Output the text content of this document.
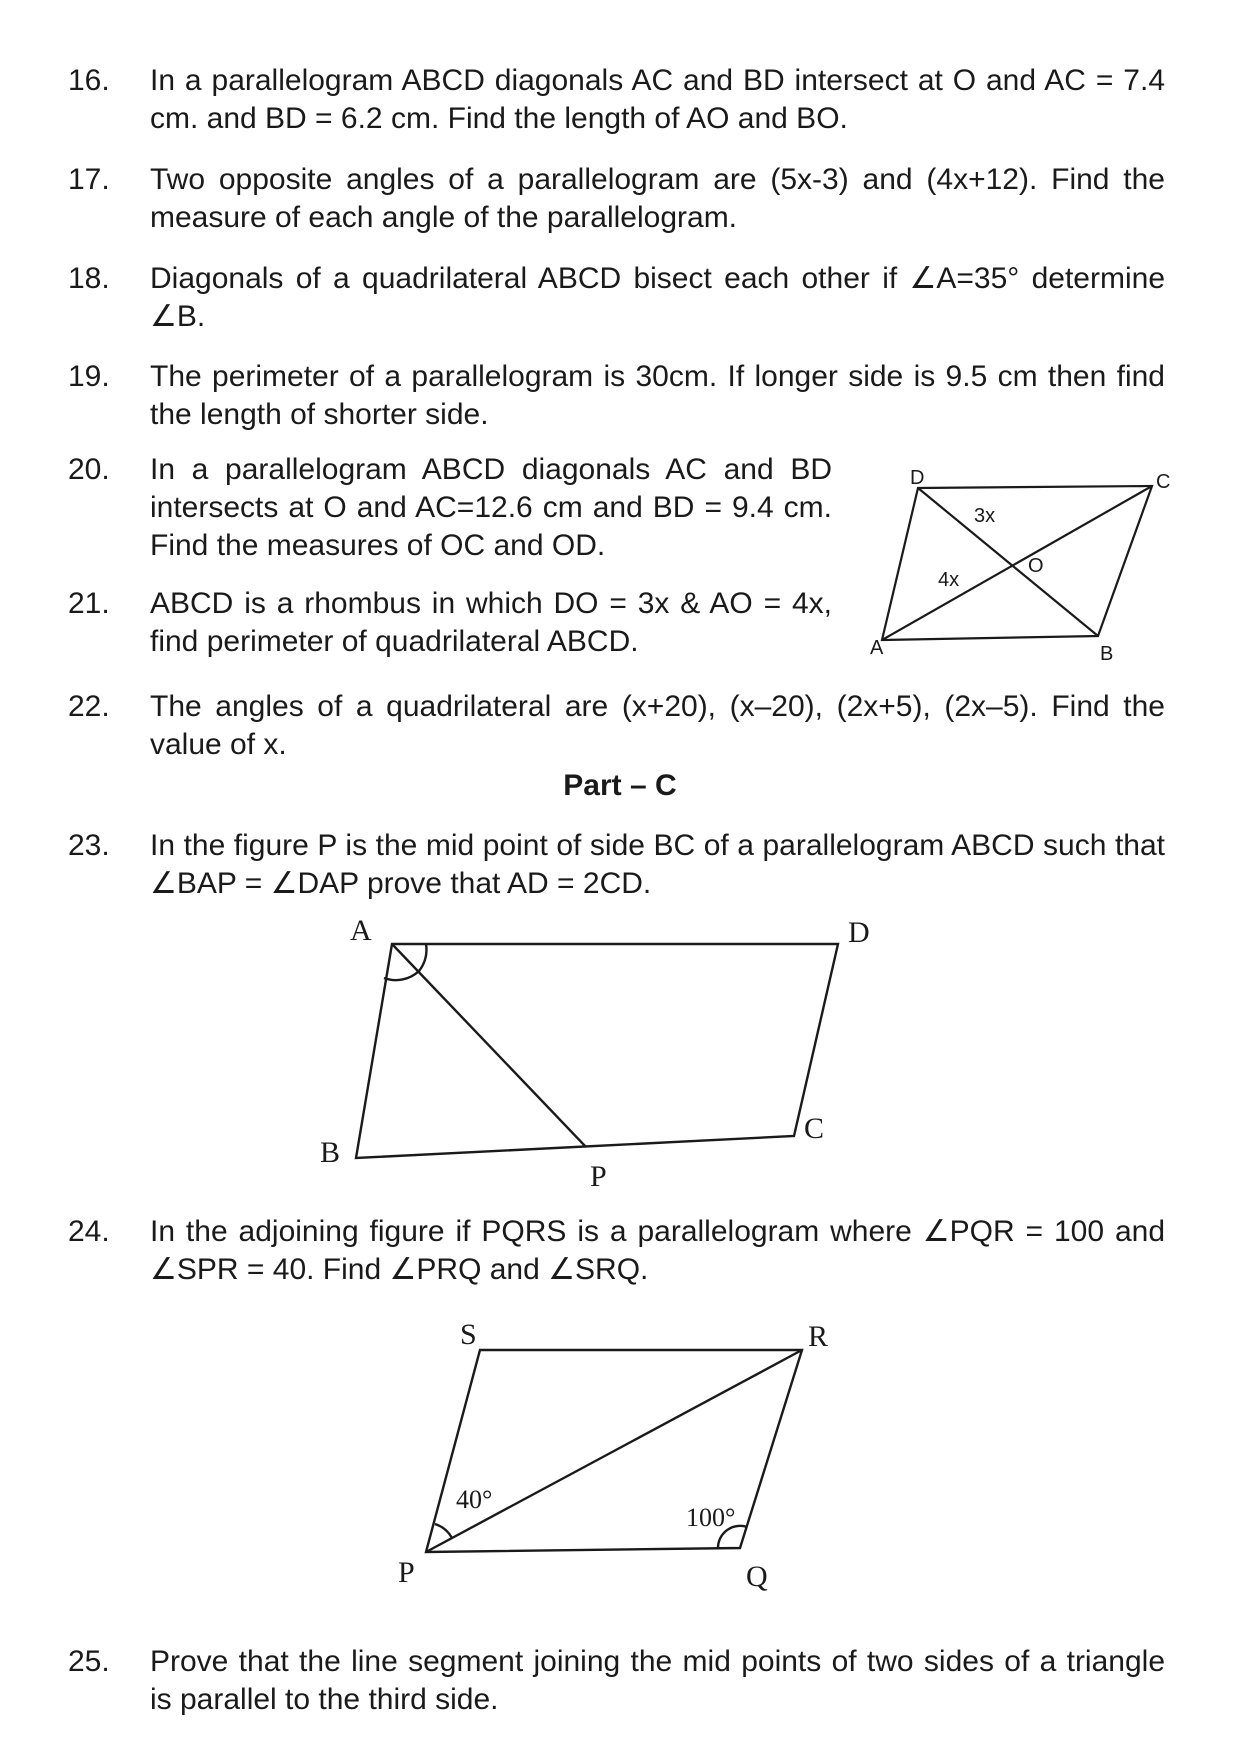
16. In a parallelogram ABCD diagonals AC and BD intersect at O and AC = 7.4 cm. and BD = 6.2 cm. Find the length of AO and BO.
17. Two opposite angles of a parallelogram are (5x-3) and (4x+12). Find the measure of each angle of the parallelogram.
18. Diagonals of a quadrilateral ABCD bisect each other if ∠A=35° determine ∠B.
19. The perimeter of a parallelogram is 30cm. If longer side is 9.5 cm then find the length of shorter side.
20. In a parallelogram ABCD diagonals AC and BD intersects at O and AC=12.6 cm and BD = 9.4 cm. Find the measures of OC and OD.
21. ABCD is a rhombus in which DO = 3x & AO = 4x, find perimeter of quadrilateral ABCD.
D	C
A	B
O
3x
4x
22. The angles of a quadrilateral are (x+20), (x–20), (2x+5), (2x–5). Find the value of x.
Part – C
23. In the figure P is the mid point of side BC of a parallelogram ABCD such that ∠BAP = ∠DAP prove that AD = 2CD.
A	D
B
C
P
24. In the adjoining figure if PQRS is a parallelogram where ∠PQR = 100 and ∠SPR = 40. Find ∠PRQ and ∠SRQ.
S	R
P	Q
40°
100°
25. Prove that the line segment joining the mid points of two sides of a triangle is parallel to the third side.
